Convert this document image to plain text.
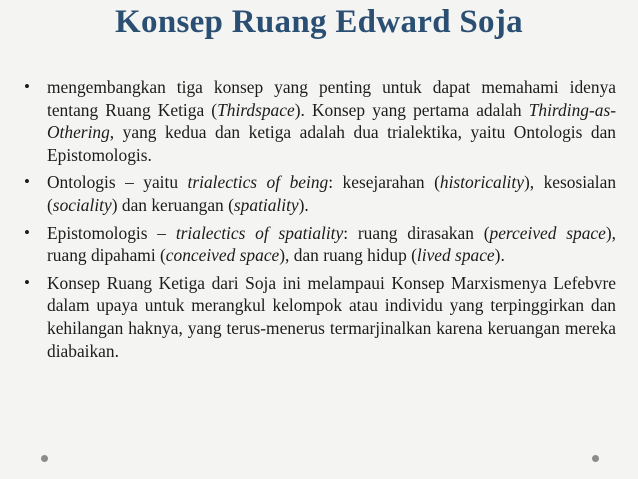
Konsep Ruang Edward Soja
• mengembangkan tiga konsep yang penting untuk dapat memahami idenya tentang Ruang Ketiga (Thirdspace). Konsep yang pertama adalah Thirding-as-Othering, yang kedua dan ketiga adalah dua trialektika, yaitu Ontologis dan Epistomologis.
• Ontologis – yaitu trialectics of being: kesejarahan (historicality), kesosialan (sociality) dan keruangan (spatiality).
• Epistomologis – trialectics of spatiality: ruang dirasakan (perceived space), ruang dipahami (conceived space), dan ruang hidup (lived space).
• Konsep Ruang Ketiga dari Soja ini melampaui Konsep Marxismenya Lefebvre dalam upaya untuk merangkul kelompok atau individu yang terpinggirkan dan kehilangan haknya, yang terus-menerus termarjinalkan karena keruangan mereka diabaikan.
